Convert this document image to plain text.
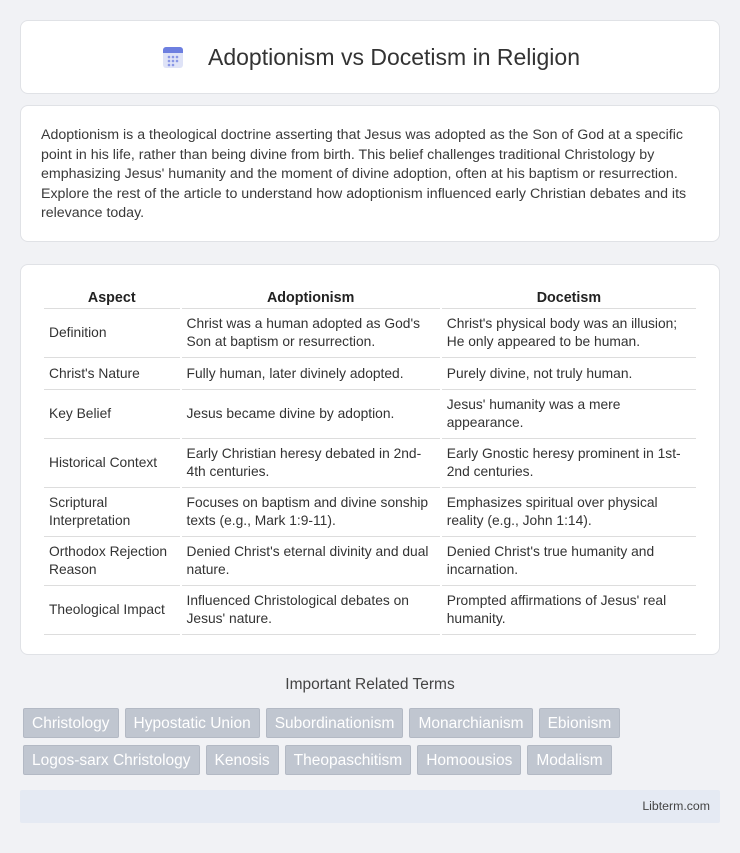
Adoptionism vs Docetism in Religion

Adoptionism is a theological doctrine asserting that Jesus was adopted as the Son of God at a specific point in his life, rather than being divine from birth. This belief challenges traditional Christology by emphasizing Jesus' humanity and the moment of divine adoption, often at his baptism or resurrection. Explore the rest of the article to understand how adoptionism influenced early Christian debates and its relevance today.

Aspect	Adoptionism	Docetism
Definition	Christ was a human adopted as God's Son at baptism or resurrection.	Christ's physical body was an illusion; He only appeared to be human.
Christ's Nature	Fully human, later divinely adopted.	Purely divine, not truly human.
Key Belief	Jesus became divine by adoption.	Jesus' humanity was a mere appearance.
Historical Context	Early Christian heresy debated in 2nd-4th centuries.	Early Gnostic heresy prominent in 1st-2nd centuries.
Scriptural Interpretation	Focuses on baptism and divine sonship texts (e.g., Mark 1:9-11).	Emphasizes spiritual over physical reality (e.g., John 1:14).
Orthodox Rejection Reason	Denied Christ's eternal divinity and dual nature.	Denied Christ's true humanity and incarnation.
Theological Impact	Influenced Christological debates on Jesus' nature.	Prompted affirmations of Jesus' real humanity.
Important Related Terms
Christology	Hypostatic Union	Subordinationism	Monarchianism	Ebionism
Logos-sarx Christology	Kenosis	Theopaschitism	Homoousios	Modalism
Libterm.com
